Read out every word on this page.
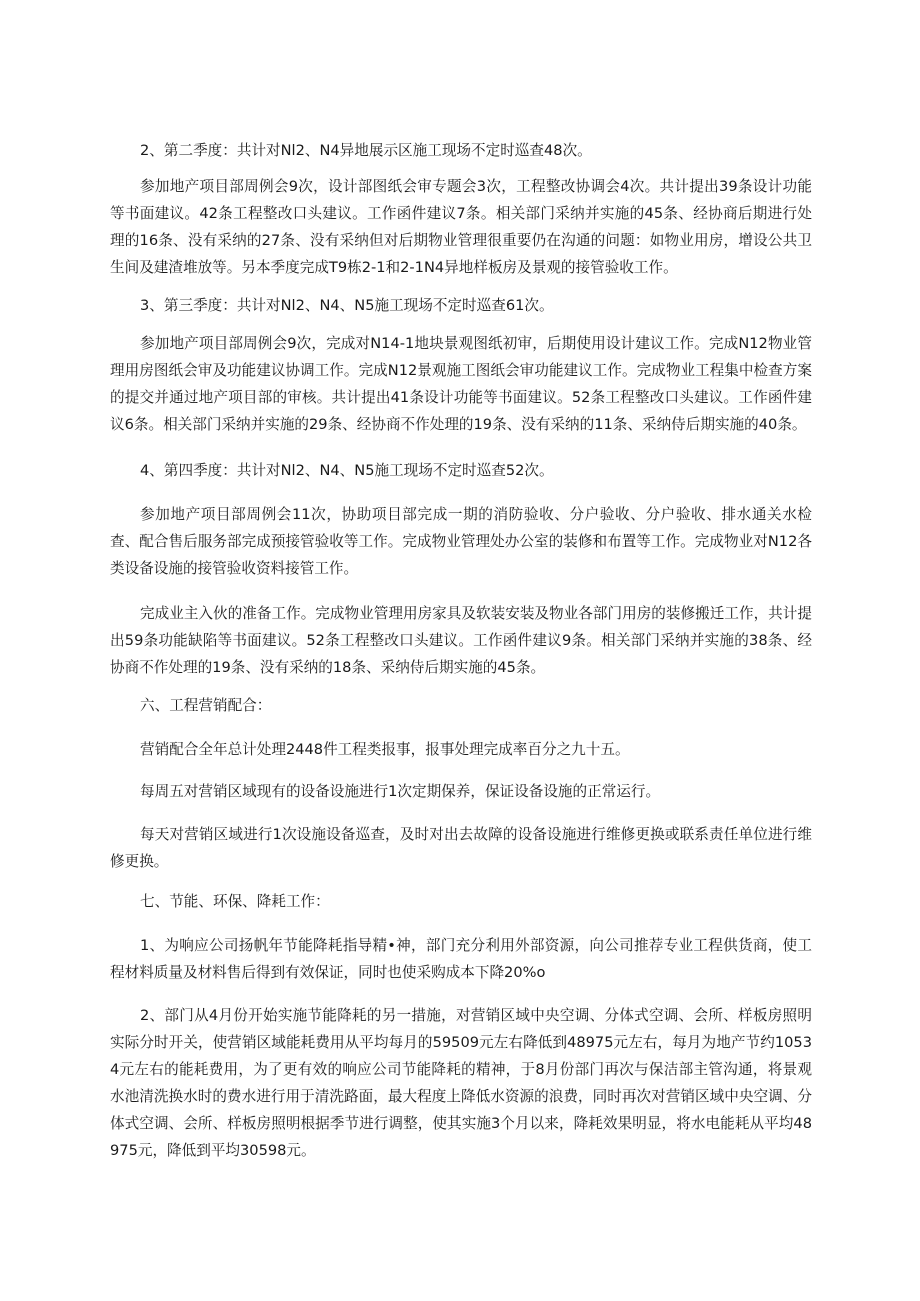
2、第二季度：共计对Nl2、N4异地展示区施工现场不定时巡查48次。

参加地产项目部周例会9次，设计部图纸会审专题会3次，工程整改协调会4次。共计提出39条设计功能等书面建议。42条工程整改口头建议。工作函件建议7条。相关部门采纳并实施的45条、经协商后期进行处理的16条、没有采纳的27条、没有采纳但对后期物业管理很重要仍在沟通的问题：如物业用房，增设公共卫生间及建渣堆放等。另本季度完成T9栋2-1和2-1N4异地样板房及景观的接管验收工作。

3、第三季度：共计对Nl2、N4、N5施工现场不定时巡查61次。

参加地产项目部周例会9次，完成对N14-1地块景观图纸初审，后期使用设计建议工作。完成N12物业管理用房图纸会审及功能建议协调工作。完成N12景观施工图纸会审功能建议工作。完成物业工程集中检查方案的提交并通过地产项目部的审核。共计提出41条设计功能等书面建议。52条工程整改口头建议。工作函件建议6条。相关部门采纳并实施的29条、经协商不作处理的19条、没有采纳的11条、采纳侍后期实施的40条。

4、第四季度：共计对Nl2、N4、N5施工现场不定时巡查52次。

参加地产项目部周例会11次，协助项目部完成一期的消防验收、分户验收、分户验收、排水通关水检查、配合售后服务部完成预接管验收等工作。完成物业管理处办公室的装修和布置等工作。完成物业对N12各类设备设施的接管验收资料接管工作。

完成业主入伙的准备工作。完成物业管理用房家具及软装安装及物业各部门用房的装修搬迁工作，共计提出59条功能缺陷等书面建议。52条工程整改口头建议。工作函件建议9条。相关部门采纳并实施的38条、经协商不作处理的19条、没有采纳的18条、采纳侍后期实施的45条。

六、工程营销配合：

营销配合全年总计处理2448件工程类报事，报事处理完成率百分之九十五。

每周五对营销区域现有的设备设施进行1次定期保养，保证设备设施的正常运行。

每天对营销区域进行1次设施设备巡查，及时对出去故障的设备设施进行维修更换或联系责任单位进行维修更换。

七、节能、环保、降耗工作：

1、为响应公司扬帆年节能降耗指导精•神，部门充分利用外部资源，向公司推荐专业工程供货商，使工程材料质量及材料售后得到有效保证，同时也使采购成本下降20%o

2、部门从4月份开始实施节能降耗的另一措施，对营销区域中央空调、分体式空调、会所、样板房照明实际分时开关，使营销区域能耗费用从平均每月的59509元左右降低到48975元左右，每月为地产节约10534元左右的能耗费用，为了更有效的响应公司节能降耗的精神，于8月份部门再次与保洁部主管沟通，将景观水池清洗换水时的费水进行用于清洗路面，最大程度上降低水资源的浪费，同时再次对营销区域中央空调、分体式空调、会所、样板房照明根据季节进行调整，使其实施3个月以来，降耗效果明显，将水电能耗从平均48975元，降低到平均30598元。
